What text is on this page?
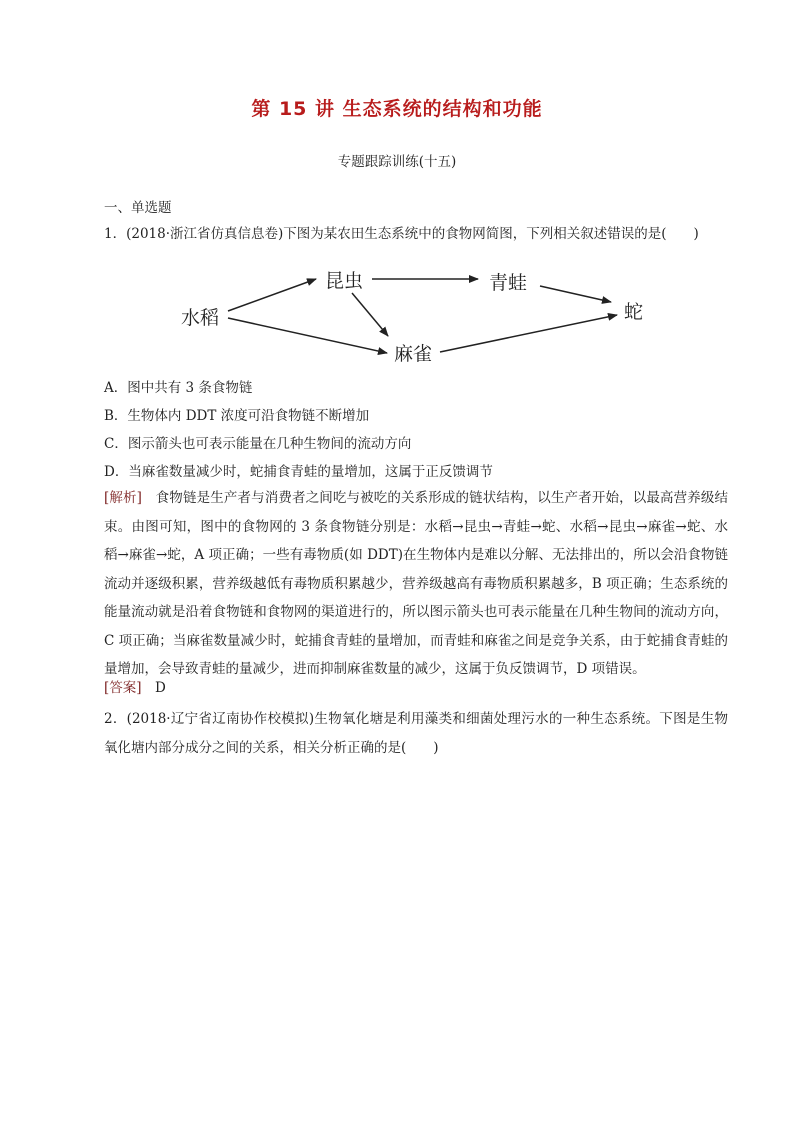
第 15 讲 生态系统的结构和功能
专题跟踪训练(十五)
一、单选题
1．(2018·浙江省仿真信息卷)下图为某农田生态系统中的食物网简图，下列相关叙述错误的是(　　)
水稻
昆虫	青蛙
麻雀
蛇
A．图中共有 3 条食物链
B．生物体内 DDT 浓度可沿食物链不断增加
C．图示箭头也可表示能量在几种生物间的流动方向
D．当麻雀数量减少时，蛇捕食青蛙的量增加，这属于正反馈调节
[解析]　食物链是生产者与消费者之间吃与被吃的关系形成的链状结构，以生产者开始，以最高营养级结束。由图可知，图中的食物网的 3 条食物链分别是：水稻→昆虫→青蛙→蛇、水稻→昆虫→麻雀→蛇、水稻→麻雀→蛇，A 项正确；一些有毒物质(如 DDT)在生物体内是难以分解、无法排出的，所以会沿食物链流动并逐级积累，营养级越低有毒物质积累越少，营养级越高有毒物质积累越多，B 项正确；生态系统的能量流动就是沿着食物链和食物网的渠道进行的，所以图示箭头也可表示能量在几种生物间的流动方向，C 项正确；当麻雀数量减少时，蛇捕食青蛙的量增加，而青蛙和麻雀之间是竞争关系，由于蛇捕食青蛙的量增加，会导致青蛙的量减少，进而抑制麻雀数量的减少，这属于负反馈调节，D 项错误。
[答案]　D
2．(2018·辽宁省辽南协作校模拟)生物氧化塘是利用藻类和细菌处理污水的一种生态系统。下图是生物氧化塘内部分成分之间的关系，相关分析正确的是(　　)
